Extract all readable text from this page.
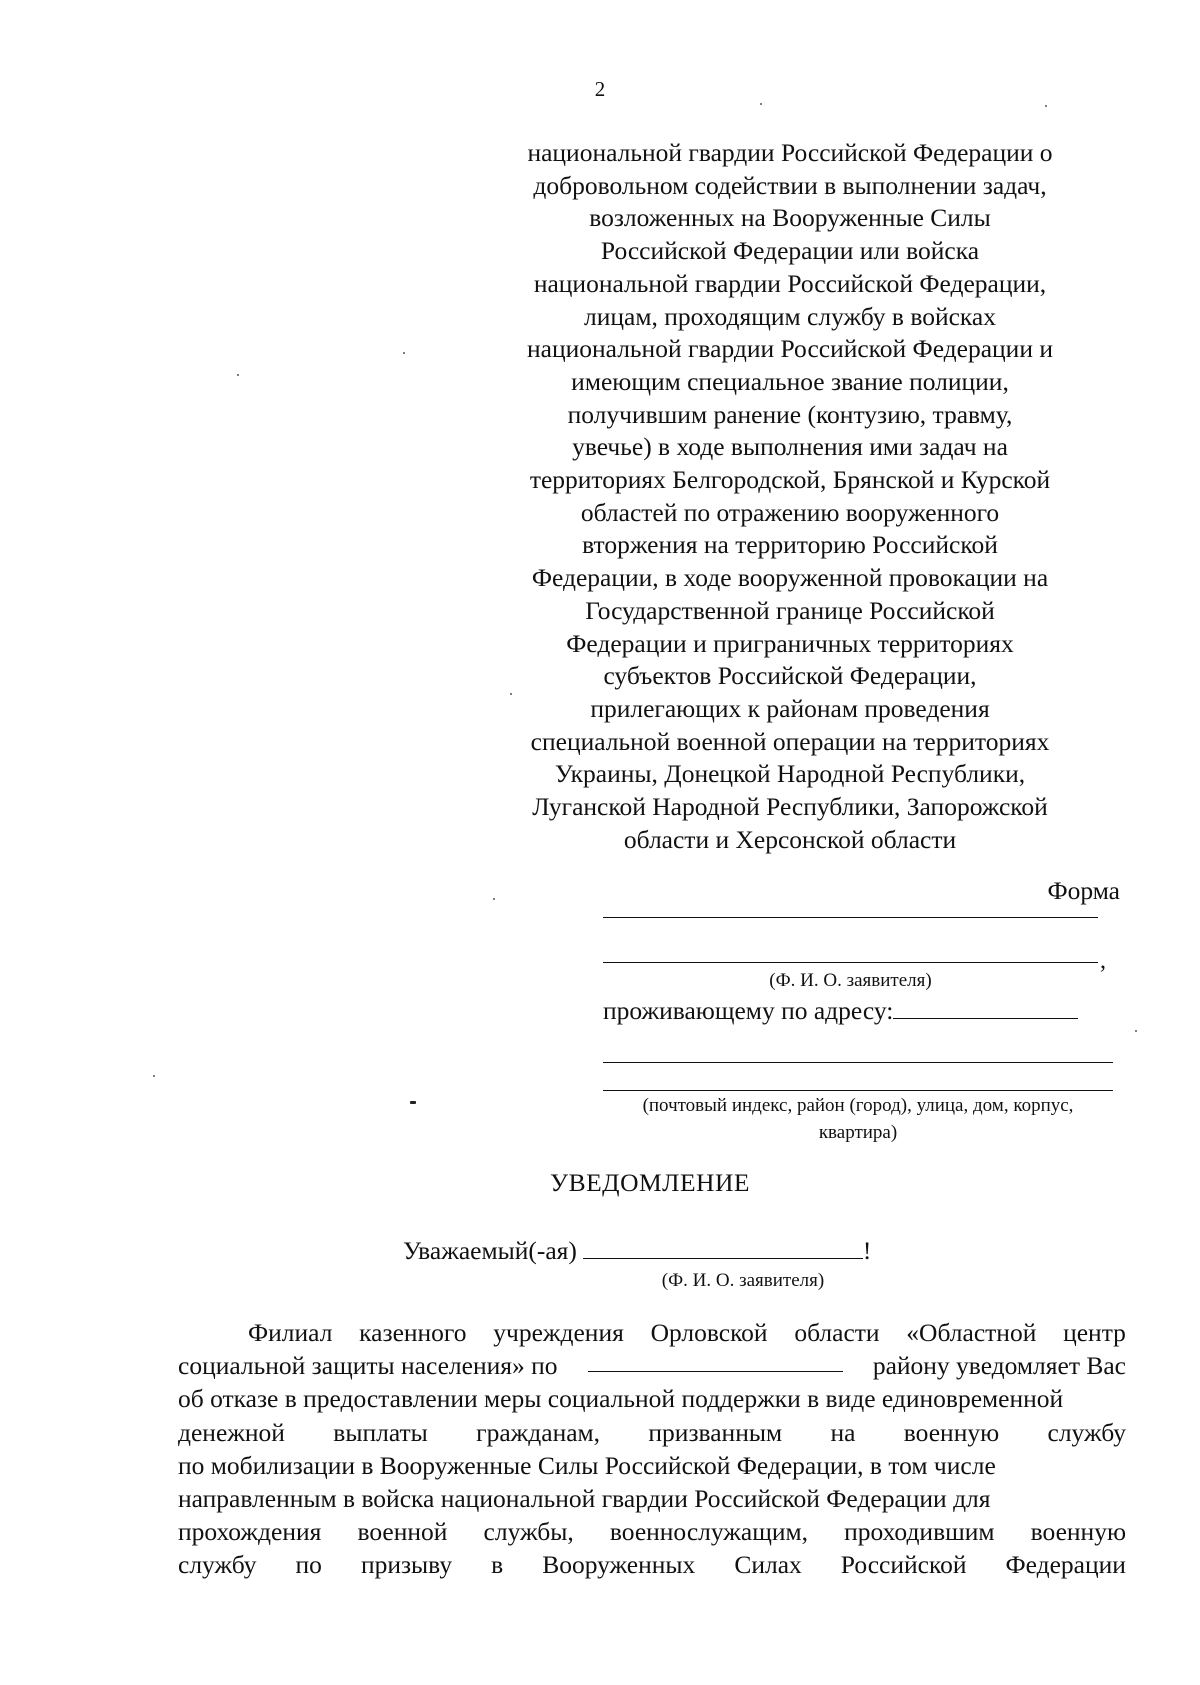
2
национальной гвардии Российской Федерации о
добровольном содействии в выполнении задач,
возложенных на Вооруженные Силы
Российской Федерации или войска
национальной гвардии Российской Федерации,
лицам, проходящим службу в войсках
национальной гвардии Российской Федерации и
имеющим специальное звание полиции,
получившим ранение (контузию, травму,
увечье) в ходе выполнения ими задач на
территориях Белгородской, Брянской и Курской
областей по отражению вооруженного
вторжения на территорию Российской
Федерации, в ходе вооруженной провокации на
Государственной границе Российской
Федерации и приграничных территориях
субъектов Российской Федерации,
прилегающих к районам проведения
специальной военной операции на территориях
Украины, Донецкой Народной Республики,
Луганской Народной Республики, Запорожской
области и Херсонской области
Форма
,
(Ф. И. О. заявителя)
проживающему по адресу:
(почтовый индекс, район (город), улица, дом, корпус,
квартира)
УВЕДОМЛЕНИЕ
Уважаемый(-ая)	!
(Ф. И. О. заявителя)
Филиал казенного учреждения Орловской области «Областной центр
социальной защиты населения» по	району уведомляет Вас
об отказе в предоставлении меры социальной поддержки в виде единовременной
денежной выплаты гражданам, призванным на военную службу
по мобилизации в Вооруженные Силы Российской Федерации, в том числе
направленным в войска национальной гвардии Российской Федерации для
прохождения военной службы, военнослужащим, проходившим военную
службу по призыву в Вооруженных Силах Российской Федерации
